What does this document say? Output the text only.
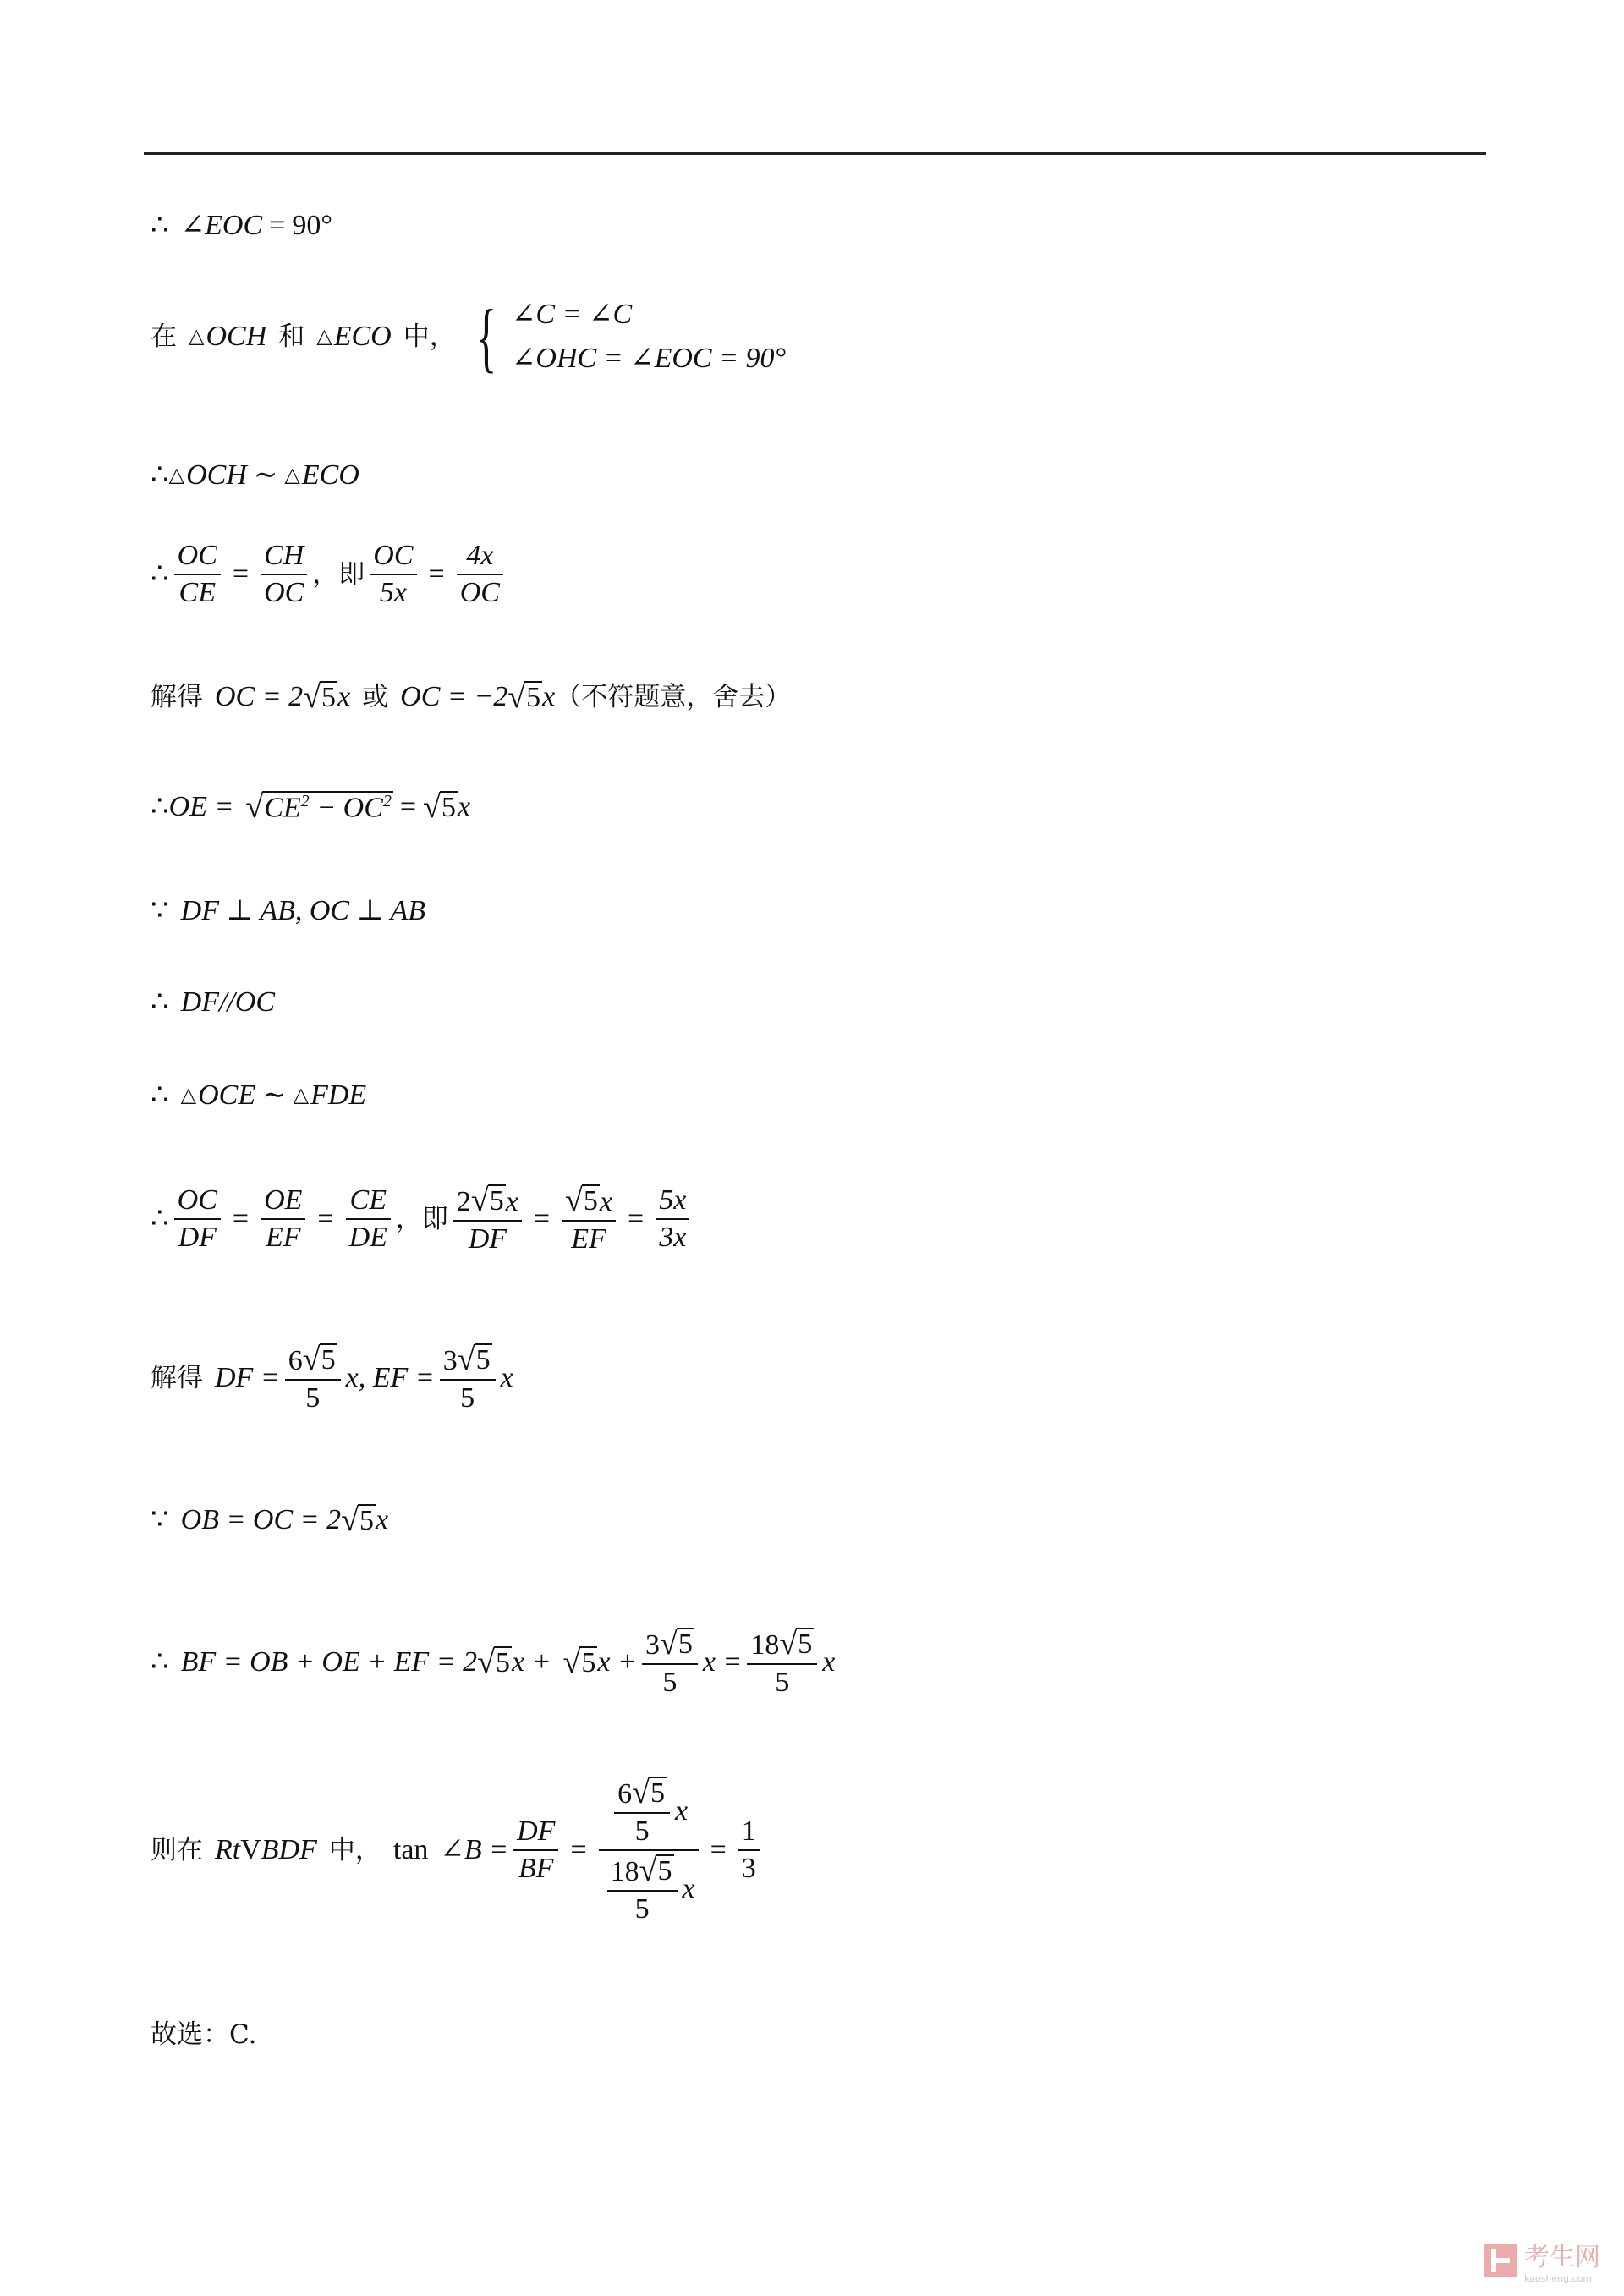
∴ ∠EOC = 90°
在 △ OCH 和 △ ECO 中， { ∠C = ∠C
∠OHC = ∠EOC = 90°
∴ △ OCH ∼ △ ECO
∴ $\frac{OC}{CE} = \frac{CH}{OC}$ ，即 $\frac{OC}{5x} = \frac{4x}{OC}$
解得 OC = 2 √ 5 x 或 OC = −2 √ 5 x （不符题意，舍去）
∴ OE = √ $CE^2 - OC^2$ = √ 5 x
∵ DF ⊥ AB, OC ⊥ AB
∴ DF//OC
∴ △ OCE ∼ △ FDE
∴ $\frac{OC}{DF} = \frac{OE}{EF} = \frac{CE}{DE}$ ，即 $\frac{2 √ 5 x}{DF} = \frac{√ 5 x}{EF} = \frac{5x}{3x}$
解得 DF = $\frac{6 √ 5}{5} x$, EF = $\frac{3 √ 5}{5}$ x
∵ OB = OC = 2 √ 5 x
∴ BF = OB + OE + EF = 2 √ 5 x + √ 5 $x + \frac{3 √ 5}{5}$ $x = \frac{18 √ 5}{5}$ x
则在 Rt V BDF 中， tan ∠B = $\frac{DF}{BF} = \frac{\frac{6 √ 5}{5} x}{\frac{18 √ 5}{5} x} = \frac{1}{3}$
故选：C.
考生网
kaosheng.com
